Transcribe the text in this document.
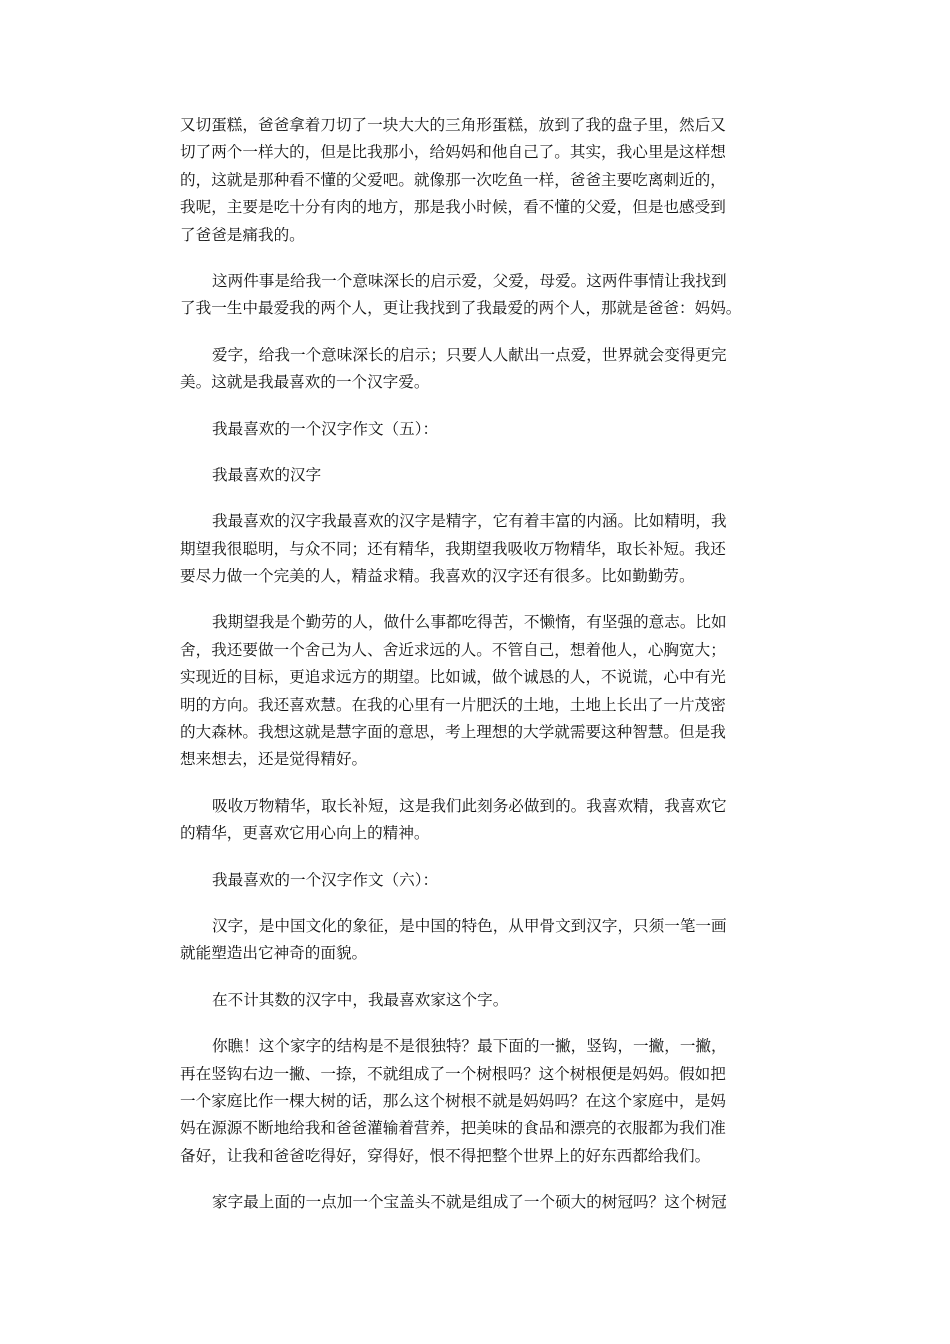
又切蛋糕，爸爸拿着刀切了一块大大的三角形蛋糕，放到了我的盘子里，然后又
切了两个一样大的，但是比我那小，给妈妈和他自己了。其实，我心里是这样想
的，这就是那种看不懂的父爱吧。就像那一次吃鱼一样，爸爸主要吃离刺近的，
我呢，主要是吃十分有肉的地方，那是我小时候，看不懂的父爱，但是也感受到
了爸爸是痛我的。

这两件事是给我一个意味深长的启示爱，父爱，母爱。这两件事情让我找到
了我一生中最爱我的两个人，更让我找到了我最爱的两个人，那就是爸爸：妈妈。

爱字，给我一个意味深长的启示；只要人人献出一点爱，世界就会变得更完
美。这就是我最喜欢的一个汉字爱。

我最喜欢的一个汉字作文（五）：

我最喜欢的汉字

我最喜欢的汉字我最喜欢的汉字是精字，它有着丰富的内涵。比如精明，我
期望我很聪明，与众不同；还有精华，我期望我吸收万物精华，取长补短。我还
要尽力做一个完美的人，精益求精。我喜欢的汉字还有很多。比如勤勤劳。

我期望我是个勤劳的人，做什么事都吃得苦，不懒惰，有坚强的意志。比如
舍，我还要做一个舍己为人、舍近求远的人。不管自己，想着他人，心胸宽大；
实现近的目标，更追求远方的期望。比如诚，做个诚恳的人，不说谎，心中有光
明的方向。我还喜欢慧。在我的心里有一片肥沃的土地，土地上长出了一片茂密
的大森林。我想这就是慧字面的意思，考上理想的大学就需要这种智慧。但是我
想来想去，还是觉得精好。

吸收万物精华，取长补短，这是我们此刻务必做到的。我喜欢精，我喜欢它
的精华，更喜欢它用心向上的精神。

我最喜欢的一个汉字作文（六）：

汉字，是中国文化的象征，是中国的特色，从甲骨文到汉字，只须一笔一画
就能塑造出它神奇的面貌。

在不计其数的汉字中，我最喜欢家这个字。

你瞧！这个家字的结构是不是很独特？最下面的一撇，竖钩，一撇，一撇，
再在竖钩右边一撇、一捺，不就组成了一个树根吗？这个树根便是妈妈。假如把
一个家庭比作一棵大树的话，那么这个树根不就是妈妈吗？在这个家庭中，是妈
妈在源源不断地给我和爸爸灌输着营养，把美味的食品和漂亮的衣服都为我们准
备好，让我和爸爸吃得好，穿得好，恨不得把整个世界上的好东西都给我们。

家字最上面的一点加一个宝盖头不就是组成了一个硕大的树冠吗？这个树冠
